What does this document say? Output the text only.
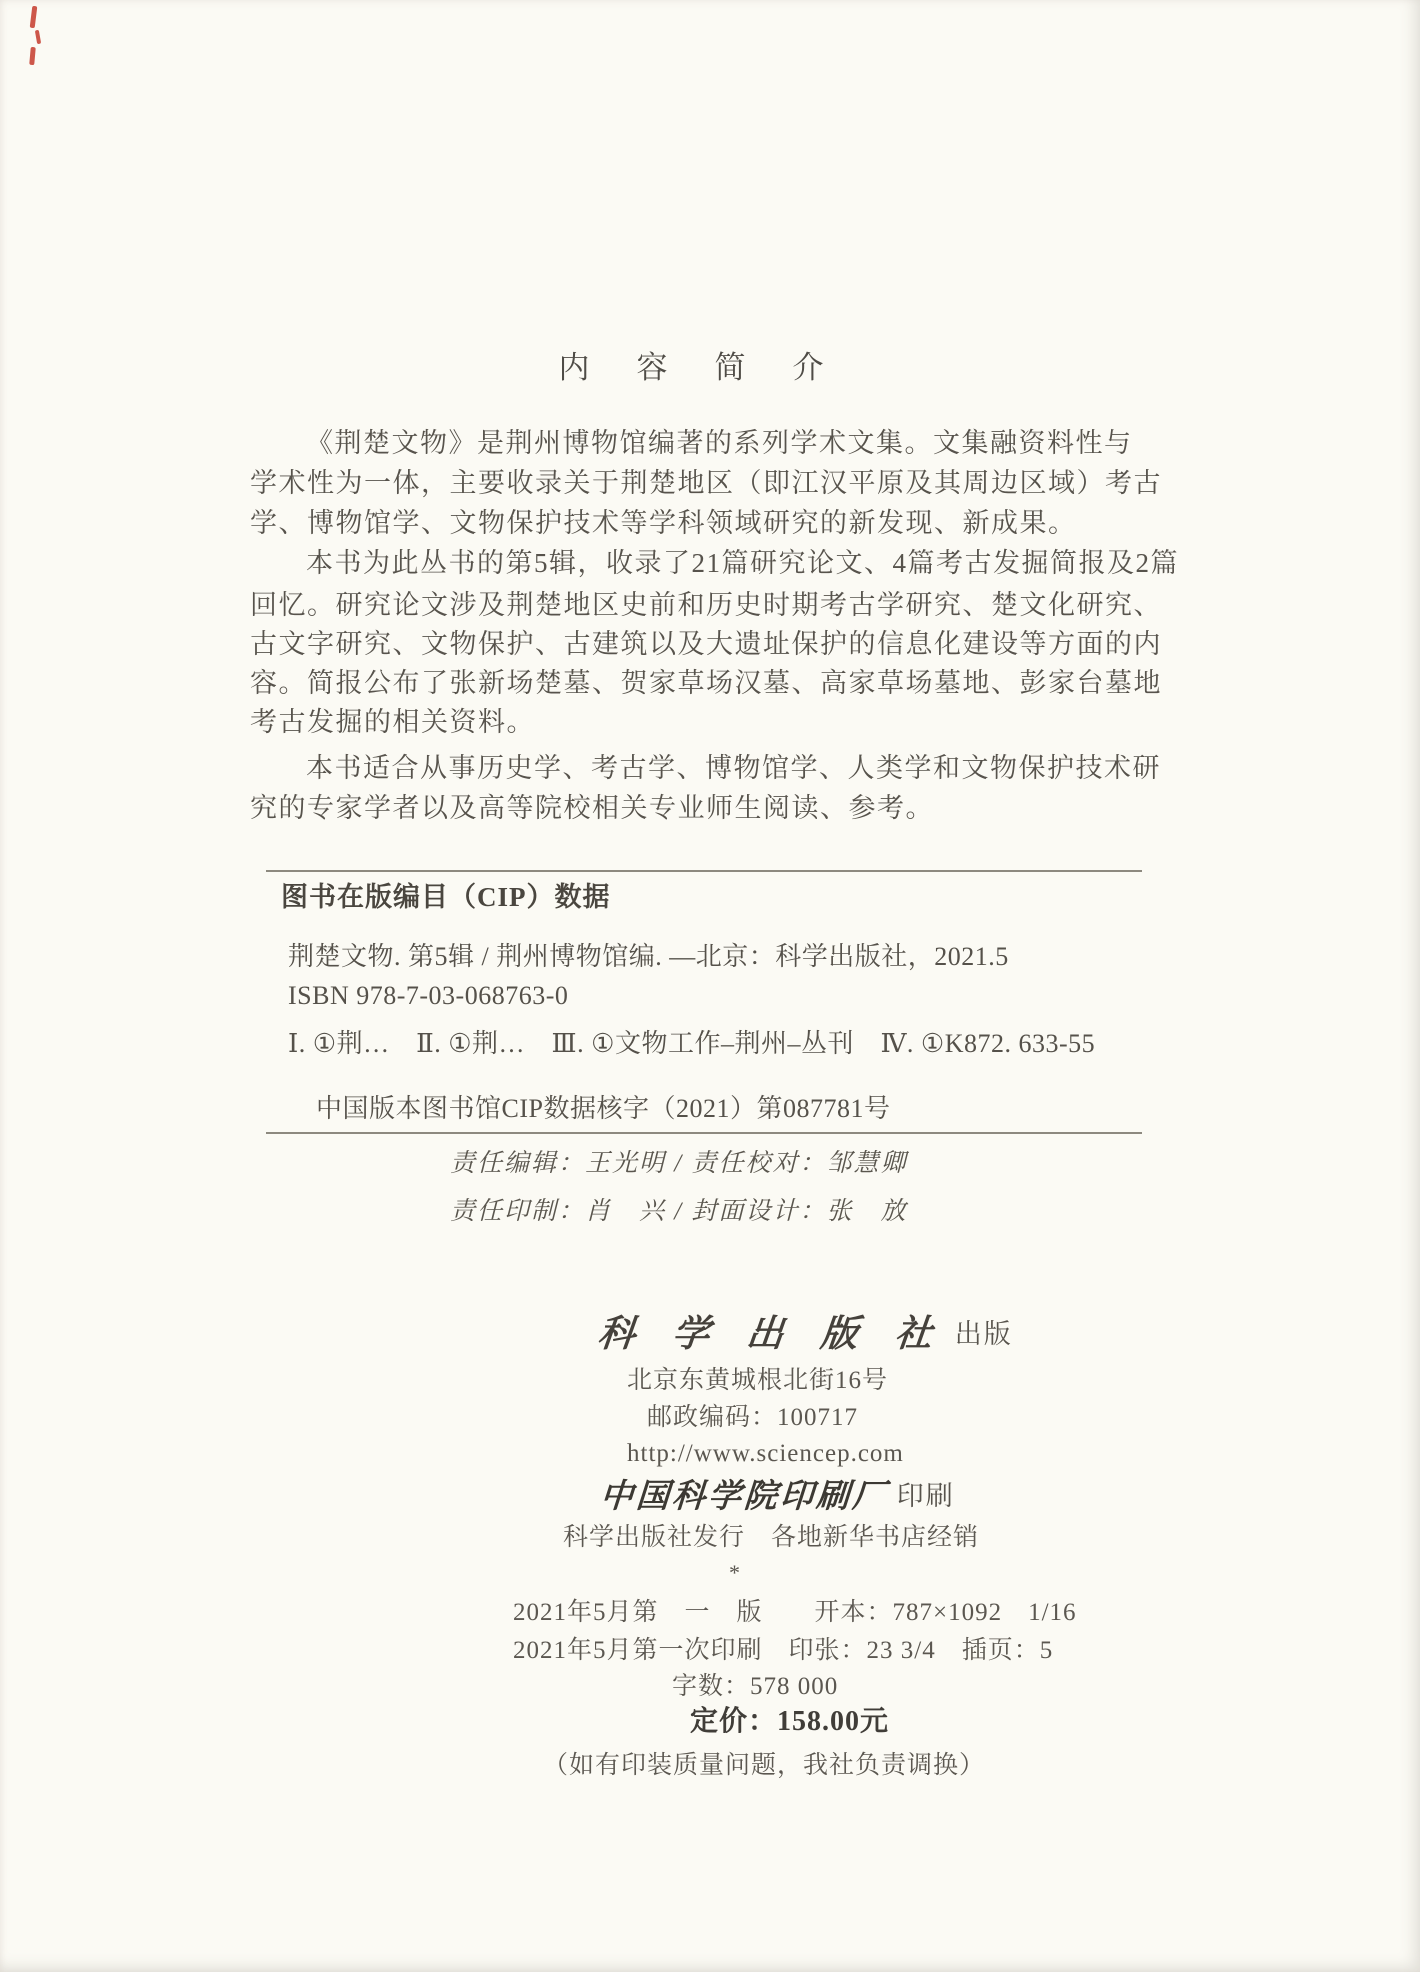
内　容　简　介
《荆楚文物》是荆州博物馆编著的系列学术文集。文集融资料性与
学术性为一体，主要收录关于荆楚地区（即江汉平原及其周边区域）考古
学、博物馆学、文物保护技术等学科领域研究的新发现、新成果。
本书为此丛书的第5辑，收录了21篇研究论文、4篇考古发掘简报及2篇
回忆。研究论文涉及荆楚地区史前和历史时期考古学研究、楚文化研究、
古文字研究、文物保护、古建筑以及大遗址保护的信息化建设等方面的内
容。简报公布了张新场楚墓、贺家草场汉墓、高家草场墓地、彭家台墓地
考古发掘的相关资料。
本书适合从事历史学、考古学、博物馆学、人类学和文物保护技术研
究的专家学者以及高等院校相关专业师生阅读、参考。
图书在版编目（CIP）数据
荆楚文物. 第5辑 / 荆州博物馆编. —北京：科学出版社，2021.5
ISBN 978-7-03-068763-0
Ⅰ. ①荆…　Ⅱ. ①荆…　Ⅲ. ①文物工作–荆州–丛刊　Ⅳ. ①K872. 633-55
中国版本图书馆CIP数据核字（2021）第087781号
责任编辑：王光明 / 责任校对：邹慧卿
责任印制：肖　兴 / 封面设计：张　放
科 学 出 版 社 出版
北京东黄城根北街16号
邮政编码：100717
http://www.sciencep.com
中国科学院印刷厂 印刷
科学出版社发行　各地新华书店经销
*
2021年5月第　一　版　　开本：787×1092　1/16
2021年5月第一次印刷　印张：23 3/4　插页：5
字数：578 000
定价：158.00元
（如有印装质量问题，我社负责调换）
